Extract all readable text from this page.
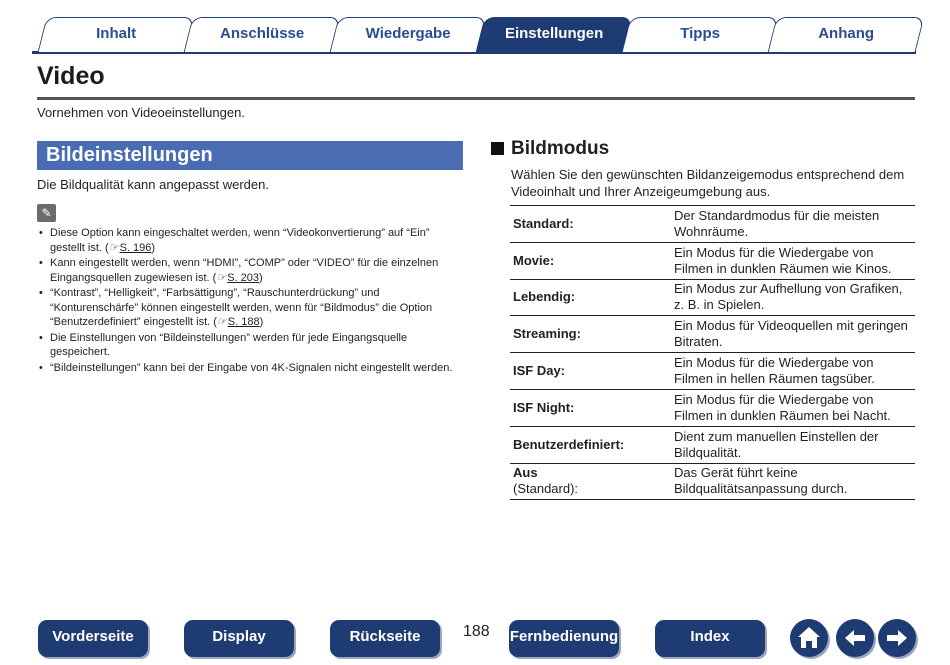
Inhalt	Anschlüsse	Wiedergabe	Einstellungen	Tipps	Anhang
Video
Vornehmen von Videoeinstellungen.
Bildeinstellungen
Die Bildqualität kann angepasst werden.
✎
• Diese Option kann eingeschaltet werden, wenn “Videokonvertierung” auf “Ein” gestellt ist. (☞S. 196)
• Kann eingestellt werden, wenn “HDMI”, “COMP” oder “VIDEO” für die einzelnen Eingangsquellen zugewiesen ist. (☞S. 203)
• “Kontrast”, “Helligkeit”, “Farbsättigung”, “Rauschunterdrückung” und “Konturenschärfe” können eingestellt werden, wenn für “Bildmodus” die Option “Benutzerdefiniert” eingestellt ist. (☞S. 188)
• Die Einstellungen von “Bildeinstellungen” werden für jede Eingangsquelle gespeichert.
• “Bildeinstellungen” kann bei der Eingabe von 4K-Signalen nicht eingestellt werden.
Bildmodus
Wählen Sie den gewünschten Bildanzeigemodus entsprechend dem Videoinhalt und Ihrer Anzeigeumgebung aus.
Standard:	Der Standardmodus für die meisten Wohnräume.
Movie:	Ein Modus für die Wiedergabe von Filmen in dunklen Räumen wie Kinos.
Lebendig:	Ein Modus zur Aufhellung von Grafiken, z. B. in Spielen.
Streaming:	Ein Modus für Videoquellen mit geringen Bitraten.
ISF Day:	Ein Modus für die Wiedergabe von Filmen in hellen Räumen tagsüber.
ISF Night:	Ein Modus für die Wiedergabe von Filmen in dunklen Räumen bei Nacht.
Benutzerdefiniert:	Dient zum manuellen Einstellen der Bildqualität.
Aus
(Standard):	Das Gerät führt keine Bildqualitätsanpassung durch.
Vorderseite	Display	Rückseite	188 Fernbedienung	Index
